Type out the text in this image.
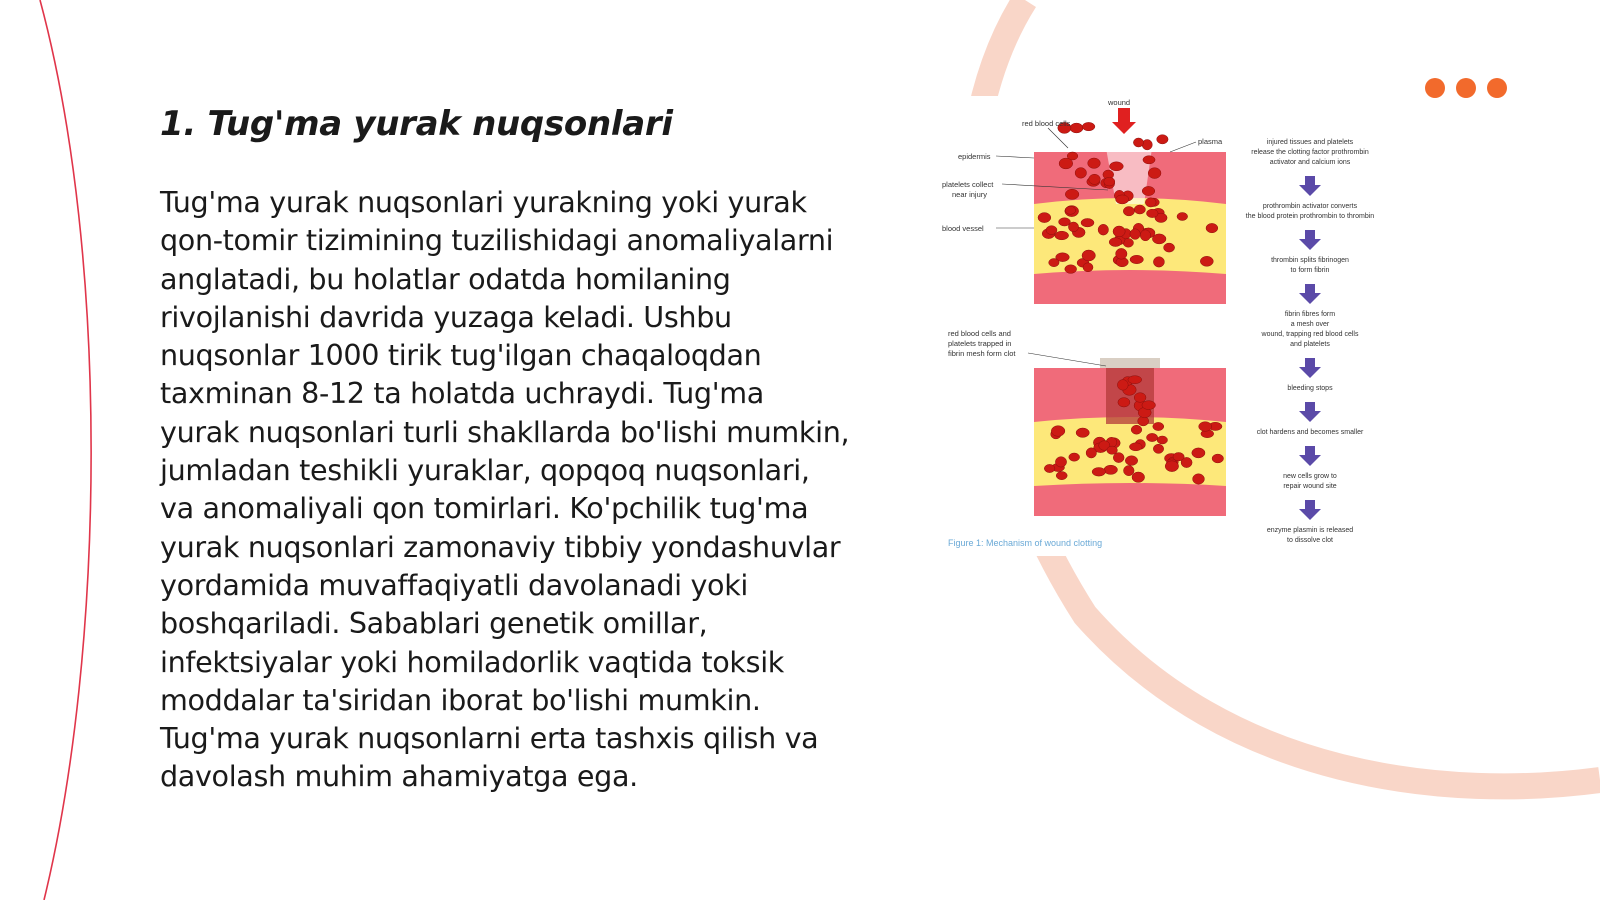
1. Tug'ma yurak nuqsonlari

Tug'ma yurak nuqsonlari yurakning yoki yurak qon-tomir tizimining tuzilishidagi anomaliyalarni anglatadi, bu holatlar odatda homilaning rivojlanishi davrida yuzaga keladi. Ushbu nuqsonlar 1000 tirik tug'ilgan chaqaloqdan taxminan 8-12 ta holatda uchraydi. Tug'ma yurak nuqsonlari turli shakllarda bo'lishi mumkin, jumladan teshikli yuraklar, qopqoq nuqsonlari, va anomaliyali qon tomirlari. Ko'pchilik tug'ma yurak nuqsonlari zamonaviy tibbiy yondashuvlar yordamida muvaffaqiyatli davolanadi yoki boshqariladi. Sabablari genetik omillar, infektsiyalar yoki homiladorlik vaqtida toksik moddalar ta'siridan iborat bo'lishi mumkin. Tug'ma yurak nuqsonlarni erta tashxis qilish va davolash muhim ahamiyatga ega.

wound
red blood cells
plasma
epidermis
platelets collect
near injury
blood vessel
red blood cells and
platelets trapped in
fibrin mesh form clot
injured tissues and platelets
release the clotting factor prothrombin
activator and calcium ions
prothrombin activator converts
the blood protein prothrombin to thrombin
thrombin splits fibrinogen
to form fibrin
fibrin fibres form
a mesh over
wound, trapping red blood cells
and platelets
bleeding stops
clot hardens and becomes smaller
new cells grow to
repair wound site
enzyme plasmin is released
to dissolve clot
Figure 1: Mechanism of wound clotting
